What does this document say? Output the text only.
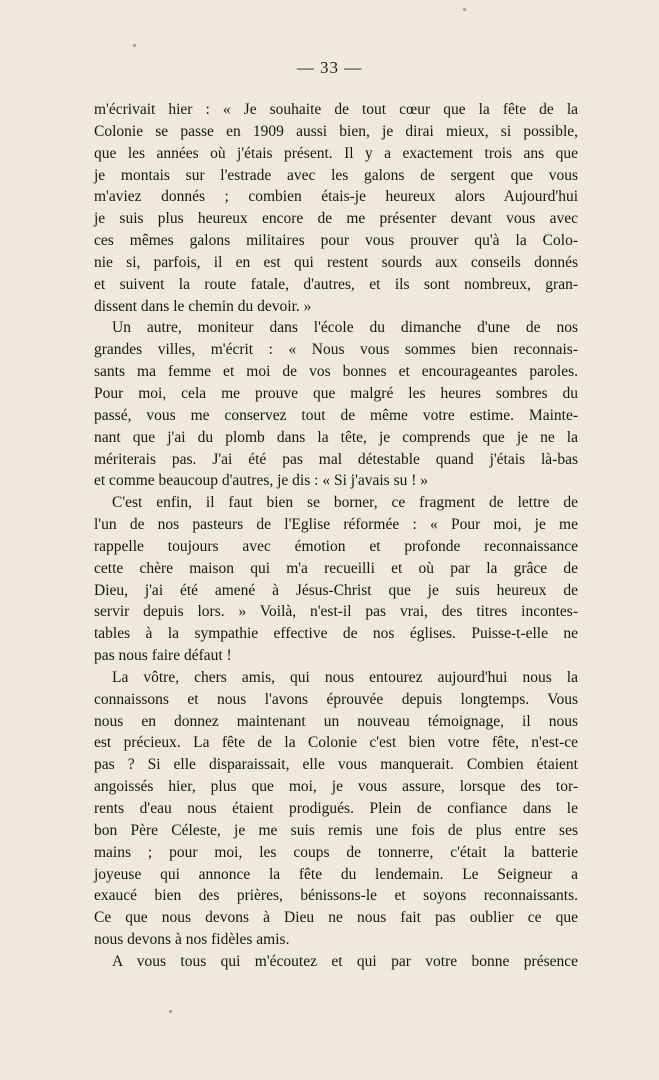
— 33 —
m'écrivait hier : « Je souhaite de tout cœur que la fête de la
Colonie se passe en 1909 aussi bien, je dirai mieux, si possible,
que les années où j'étais présent. Il y a exactement trois ans que
je montais sur l'estrade avec les galons de sergent que vous
m'aviez donnés ; combien étais-je heureux alors Aujourd'hui
je suis plus heureux encore de me présenter devant vous avec
ces mêmes galons militaires pour vous prouver qu'à la Colo-
nie si, parfois, il en est qui restent sourds aux conseils donnés
et suivent la route fatale, d'autres, et ils sont nombreux, gran-
dissent dans le chemin du devoir. »
Un autre, moniteur dans l'école du dimanche d'une de nos
grandes villes, m'écrit : « Nous vous sommes bien reconnais-
sants ma femme et moi de vos bonnes et encourageantes paroles.
Pour moi, cela me prouve que malgré les heures sombres du
passé, vous me conservez tout de même votre estime. Mainte-
nant que j'ai du plomb dans la tête, je comprends que je ne la
mériterais pas. J'ai été pas mal détestable quand j'étais là-bas
et comme beaucoup d'autres, je dis : « Si j'avais su ! »
C'est enfin, il faut bien se borner, ce fragment de lettre de
l'un de nos pasteurs de l'Eglise réformée : « Pour moi, je me
rappelle toujours avec émotion et profonde reconnaissance
cette chère maison qui m'a recueilli et où par la grâce de
Dieu, j'ai été amené à Jésus-Christ que je suis heureux de
servir depuis lors. » Voilà, n'est-il pas vrai, des titres incontes-
tables à la sympathie effective de nos églises. Puisse-t-elle ne
pas nous faire défaut !
La vôtre, chers amis, qui nous entourez aujourd'hui nous la
connaissons et nous l'avons éprouvée depuis longtemps. Vous
nous en donnez maintenant un nouveau témoignage, il nous
est précieux. La fête de la Colonie c'est bien votre fête, n'est-ce
pas ? Si elle disparaissait, elle vous manquerait. Combien étaient
angoissés hier, plus que moi, je vous assure, lorsque des tor-
rents d'eau nous étaient prodigués. Plein de confiance dans le
bon Père Céleste, je me suis remis une fois de plus entre ses
mains ; pour moi, les coups de tonnerre, c'était la batterie
joyeuse qui annonce la fête du lendemain. Le Seigneur a
exaucé bien des prières, bénissons-le et soyons reconnaissants.
Ce que nous devons à Dieu ne nous fait pas oublier ce que
nous devons à nos fidèles amis.
A vous tous qui m'écoutez et qui par votre bonne présence
